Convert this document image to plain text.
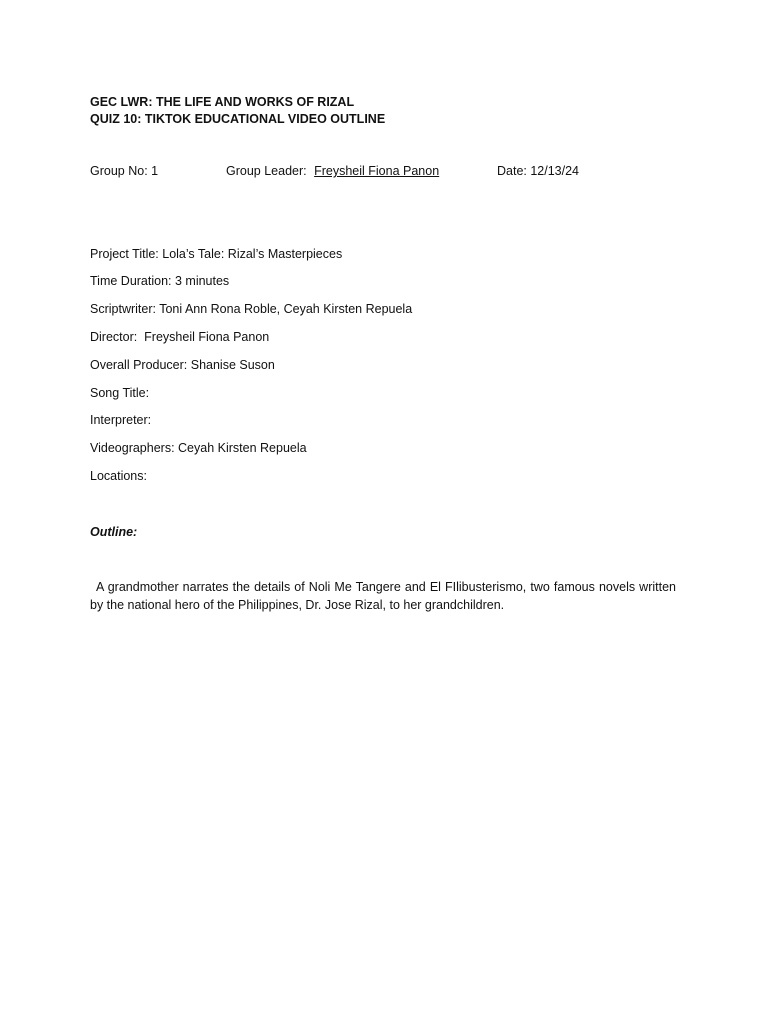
GEC LWR: THE LIFE AND WORKS OF RIZAL
QUIZ 10: TIKTOK EDUCATIONAL VIDEO OUTLINE
Group No: 1	Group Leader: Freysheil Fiona Panon	Date: 12/13/24
Project Title: Lola’s Tale: Rizal’s Masterpieces
Time Duration: 3 minutes
Scriptwriter: Toni Ann Rona Roble, Ceyah Kirsten Repuela
Director:  Freysheil Fiona Panon
Overall Producer: Shanise Suson
Song Title:
Interpreter:
Videographers: Ceyah Kirsten Repuela
Locations:
Outline:
A grandmother narrates the details of Noli Me Tangere and El FIlibusterismo, two famous novels written by the national hero of the Philippines, Dr. Jose Rizal, to her grandchildren.
